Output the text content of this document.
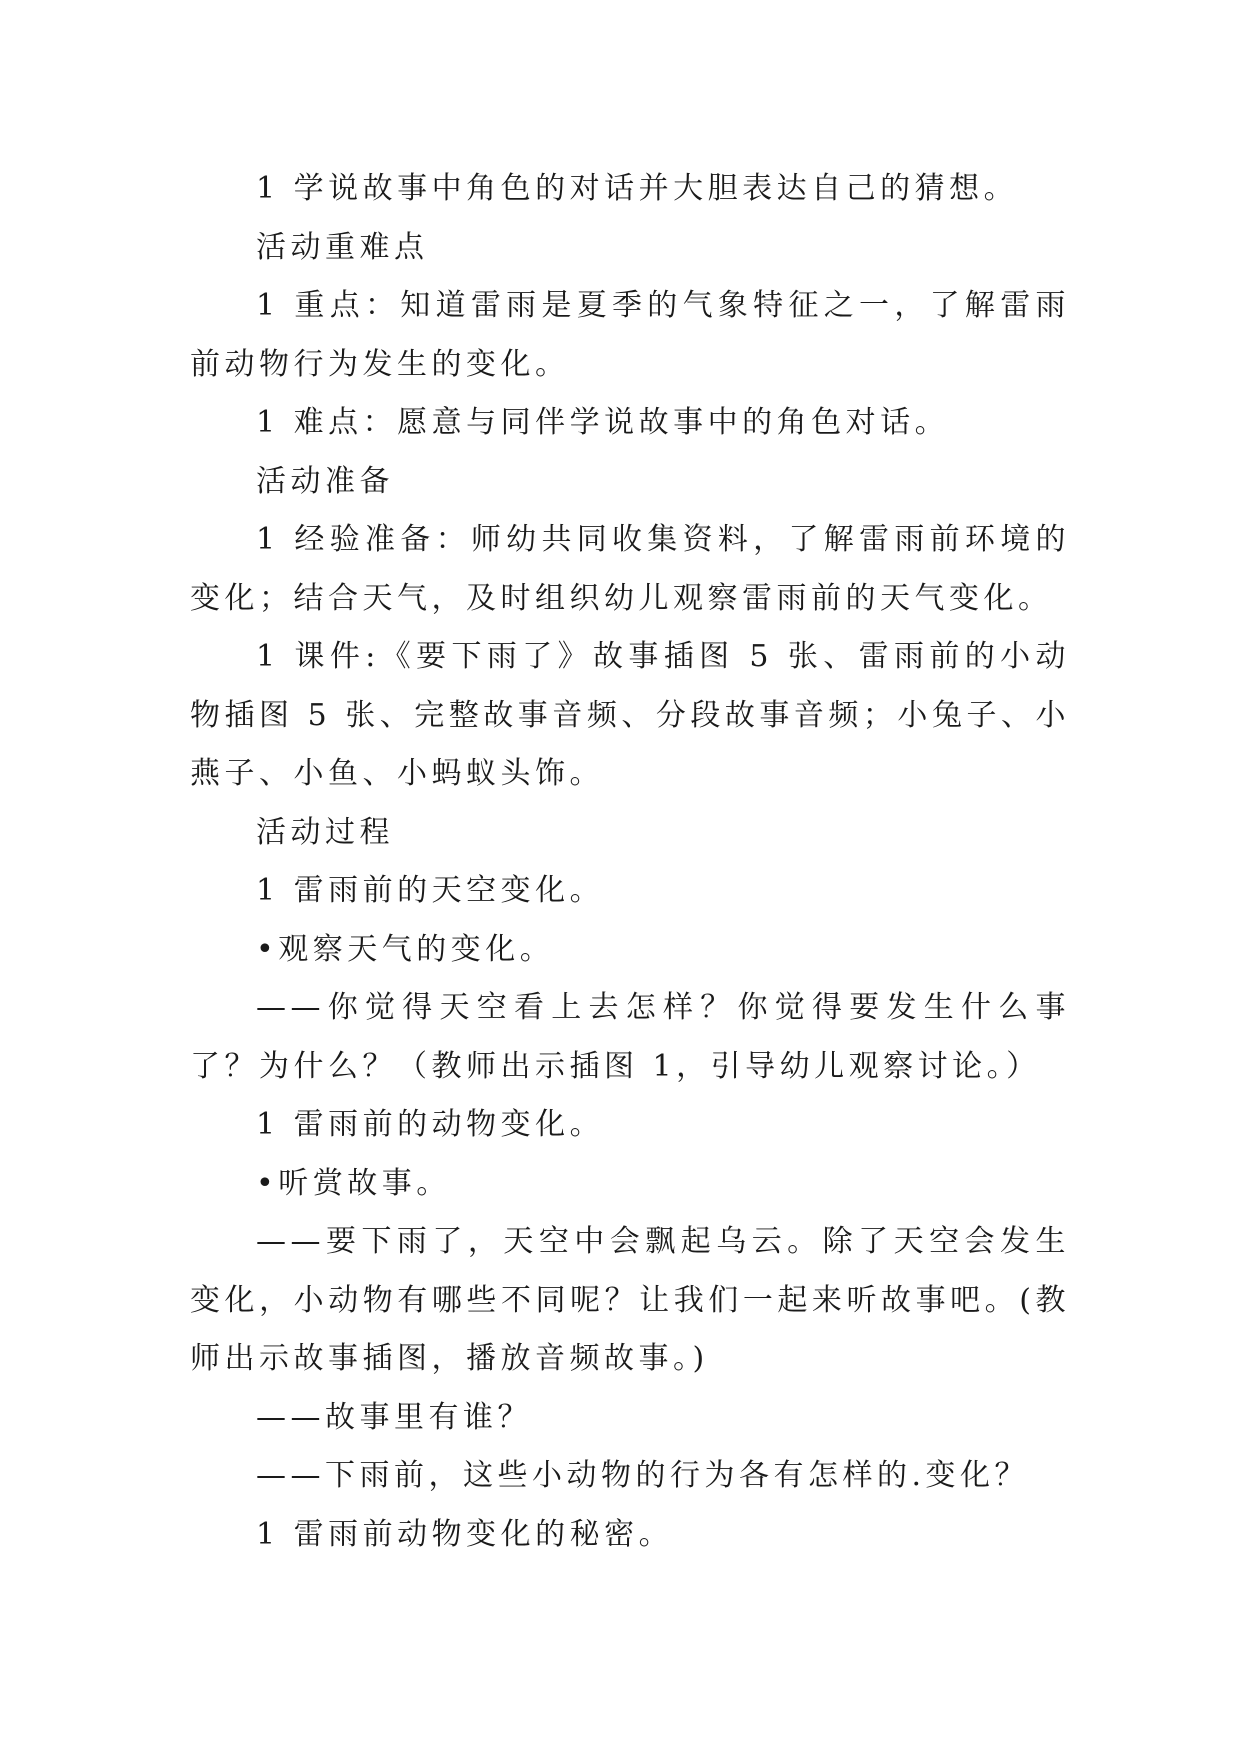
1 学说故事中角色的对话并大胆表达自己的猜想。

活动重难点

1 重点：知道雷雨是夏季的气象特征之一，了解雷雨前动物行为发生的变化。

1 难点：愿意与同伴学说故事中的角色对话。

活动准备

1 经验准备：师幼共同收集资料，了解雷雨前环境的变化；结合天气，及时组织幼儿观察雷雨前的天气变化。

1 课件:《要下雨了》故事插图 5 张、雷雨前的小动物插图 5 张、完整故事音频、分段故事音频；小兔子、小燕子、小鱼、小蚂蚁头饰。

活动过程

1 雷雨前的天空变化。

•观察天气的变化。

——你觉得天空看上去怎样？你觉得要发生什么事了？为什么？（教师出示插图 1，引导幼儿观察讨论。）

1 雷雨前的动物变化。

•听赏故事。

——要下雨了，天空中会飘起乌云。除了天空会发生变化，小动物有哪些不同呢？让我们一起来听故事吧。(教师出示故事插图，播放音频故事。)

——故事里有谁？

——下雨前，这些小动物的行为各有怎样的.变化？

1 雷雨前动物变化的秘密。
